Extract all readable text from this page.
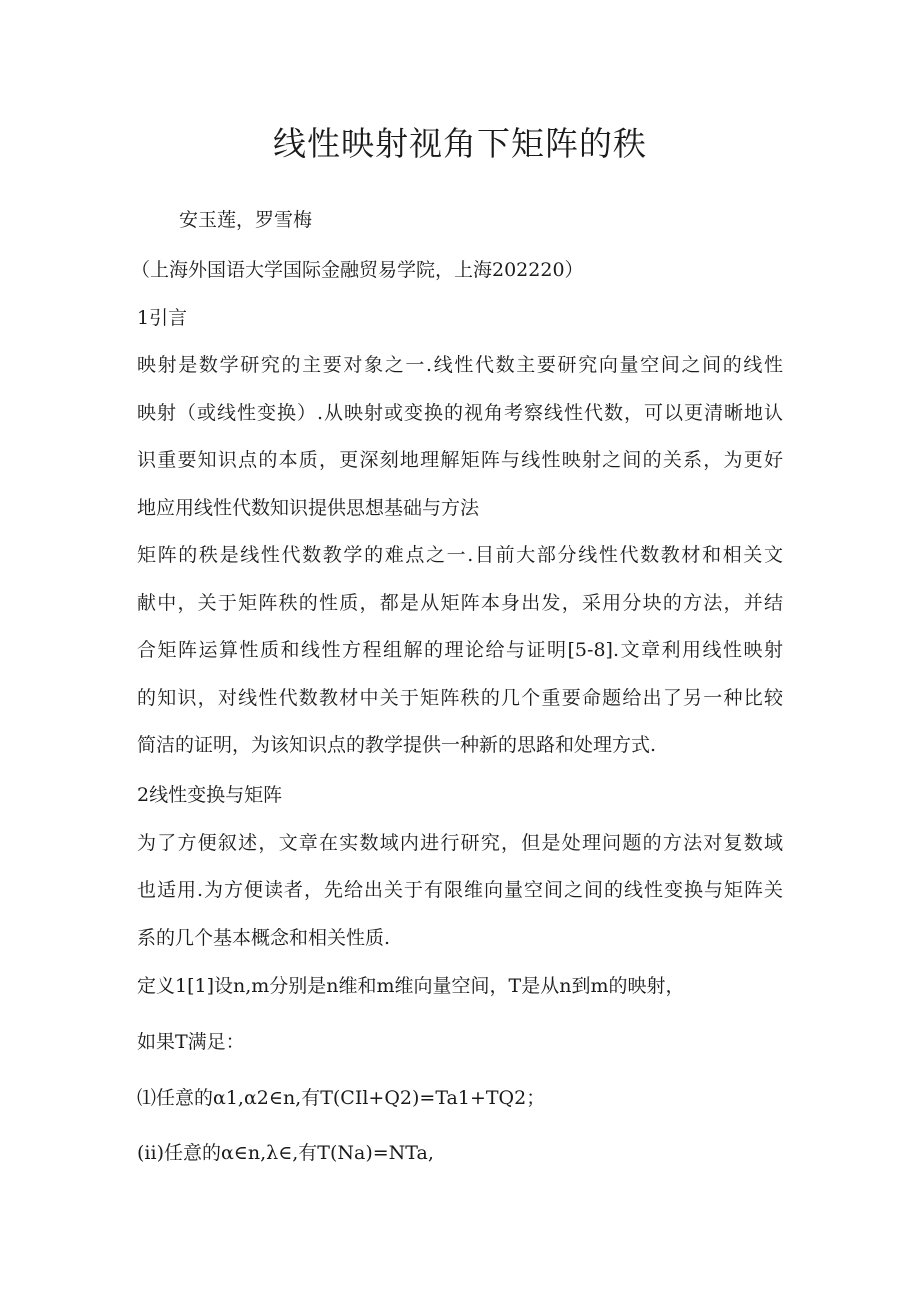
线性映射视角下矩阵的秩

安玉莲，罗雪梅

（上海外国语大学国际金融贸易学院，上海202220）

1引言

映射是数学研究的主要对象之一.线性代数主要研究向量空间之间的线性

映射（或线性变换）.从映射或变换的视角考察线性代数，可以更清晰地认

识重要知识点的本质，更深刻地理解矩阵与线性映射之间的关系，为更好

地应用线性代数知识提供思想基础与方法

矩阵的秩是线性代数教学的难点之一.目前大部分线性代数教材和相关文

献中，关于矩阵秩的性质，都是从矩阵本身出发，采用分块的方法，并结

合矩阵运算性质和线性方程组解的理论给与证明[5-8].文章利用线性映射

的知识，对线性代数教材中关于矩阵秩的几个重要命题给出了另一种比较

简洁的证明，为该知识点的教学提供一种新的思路和处理方式.

2线性变换与矩阵

为了方便叙述，文章在实数域内进行研究，但是处理问题的方法对复数域

也适用.为方便读者，先给出关于有限维向量空间之间的线性变换与矩阵关

系的几个基本概念和相关性质.

定义1[1]设n,m分别是n维和m维向量空间，T是从n到m的映射，

如果T满足：

⑴任意的α1,α2∈n,有T(CIl+Q2)=Ta1+TQ2；

(ii)任意的α∈n,λ∈,有T(Na)=NTa,
